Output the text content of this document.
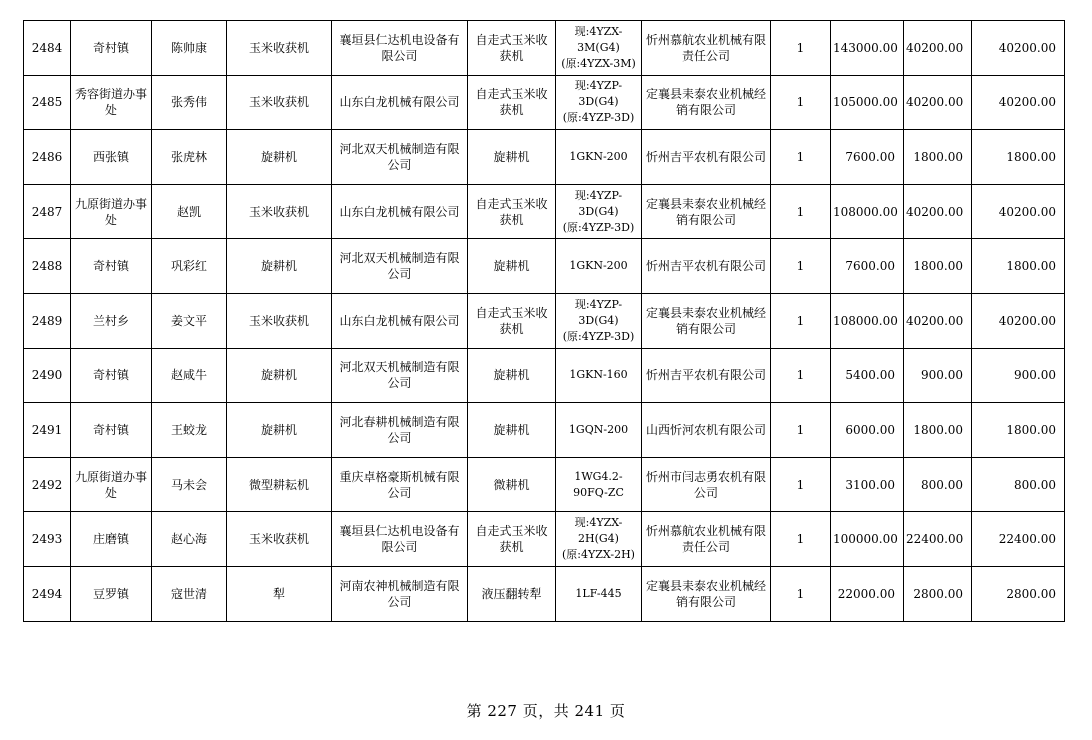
2484	奇村镇	陈帅康	玉米收获机	襄垣县仁达机电设备有限公司	自走式玉米收获机	现:4YZX-3M(G4)(原:4YZX-3M)	忻州慕航农业机械有限责任公司	1	143000.00	40200.00	40200.00
2485	秀容街道办事处	张秀伟	玉米收获机	山东白龙机械有限公司	自走式玉米收获机	现:4YZP-3D(G4)(原:4YZP-3D)	定襄县耒泰农业机械经销有限公司	1	105000.00	40200.00	40200.00
2486	西张镇	张虎林	旋耕机	河北双天机械制造有限公司	旋耕机	1GKN-200	忻州吉平农机有限公司	1	7600.00	1800.00	1800.00
2487	九原街道办事处	赵凯	玉米收获机	山东白龙机械有限公司	自走式玉米收获机	现:4YZP-3D(G4)(原:4YZP-3D)	定襄县耒泰农业机械经销有限公司	1	108000.00	40200.00	40200.00
2488	奇村镇	巩彩红	旋耕机	河北双天机械制造有限公司	旋耕机	1GKN-200	忻州吉平农机有限公司	1	7600.00	1800.00	1800.00
2489	兰村乡	姜文平	玉米收获机	山东白龙机械有限公司	自走式玉米收获机	现:4YZP-3D(G4)(原:4YZP-3D)	定襄县耒泰农业机械经销有限公司	1	108000.00	40200.00	40200.00
2490	奇村镇	赵咸牛	旋耕机	河北双天机械制造有限公司	旋耕机	1GKN-160	忻州吉平农机有限公司	1	5400.00	900.00	900.00
2491	奇村镇	王蛟龙	旋耕机	河北春耕机械制造有限公司	旋耕机	1GQN-200	山西忻河农机有限公司	1	6000.00	1800.00	1800.00
2492	九原街道办事处	马未会	微型耕耘机	重庆卓格豪斯机械有限公司	微耕机	1WG4.2-90FQ-ZC	忻州市闫志勇农机有限公司	1	3100.00	800.00	800.00
2493	庄磨镇	赵心海	玉米收获机	襄垣县仁达机电设备有限公司	自走式玉米收获机	现:4YZX-2H(G4)(原:4YZX-2H)	忻州慕航农业机械有限责任公司	1	100000.00	22400.00	22400.00
2494	豆罗镇	寇世清	犁	河南农神机械制造有限公司	液压翻转犁	1LF-445	定襄县耒泰农业机械经销有限公司	1	22000.00	2800.00	2800.00
第 227 页，共 241 页
